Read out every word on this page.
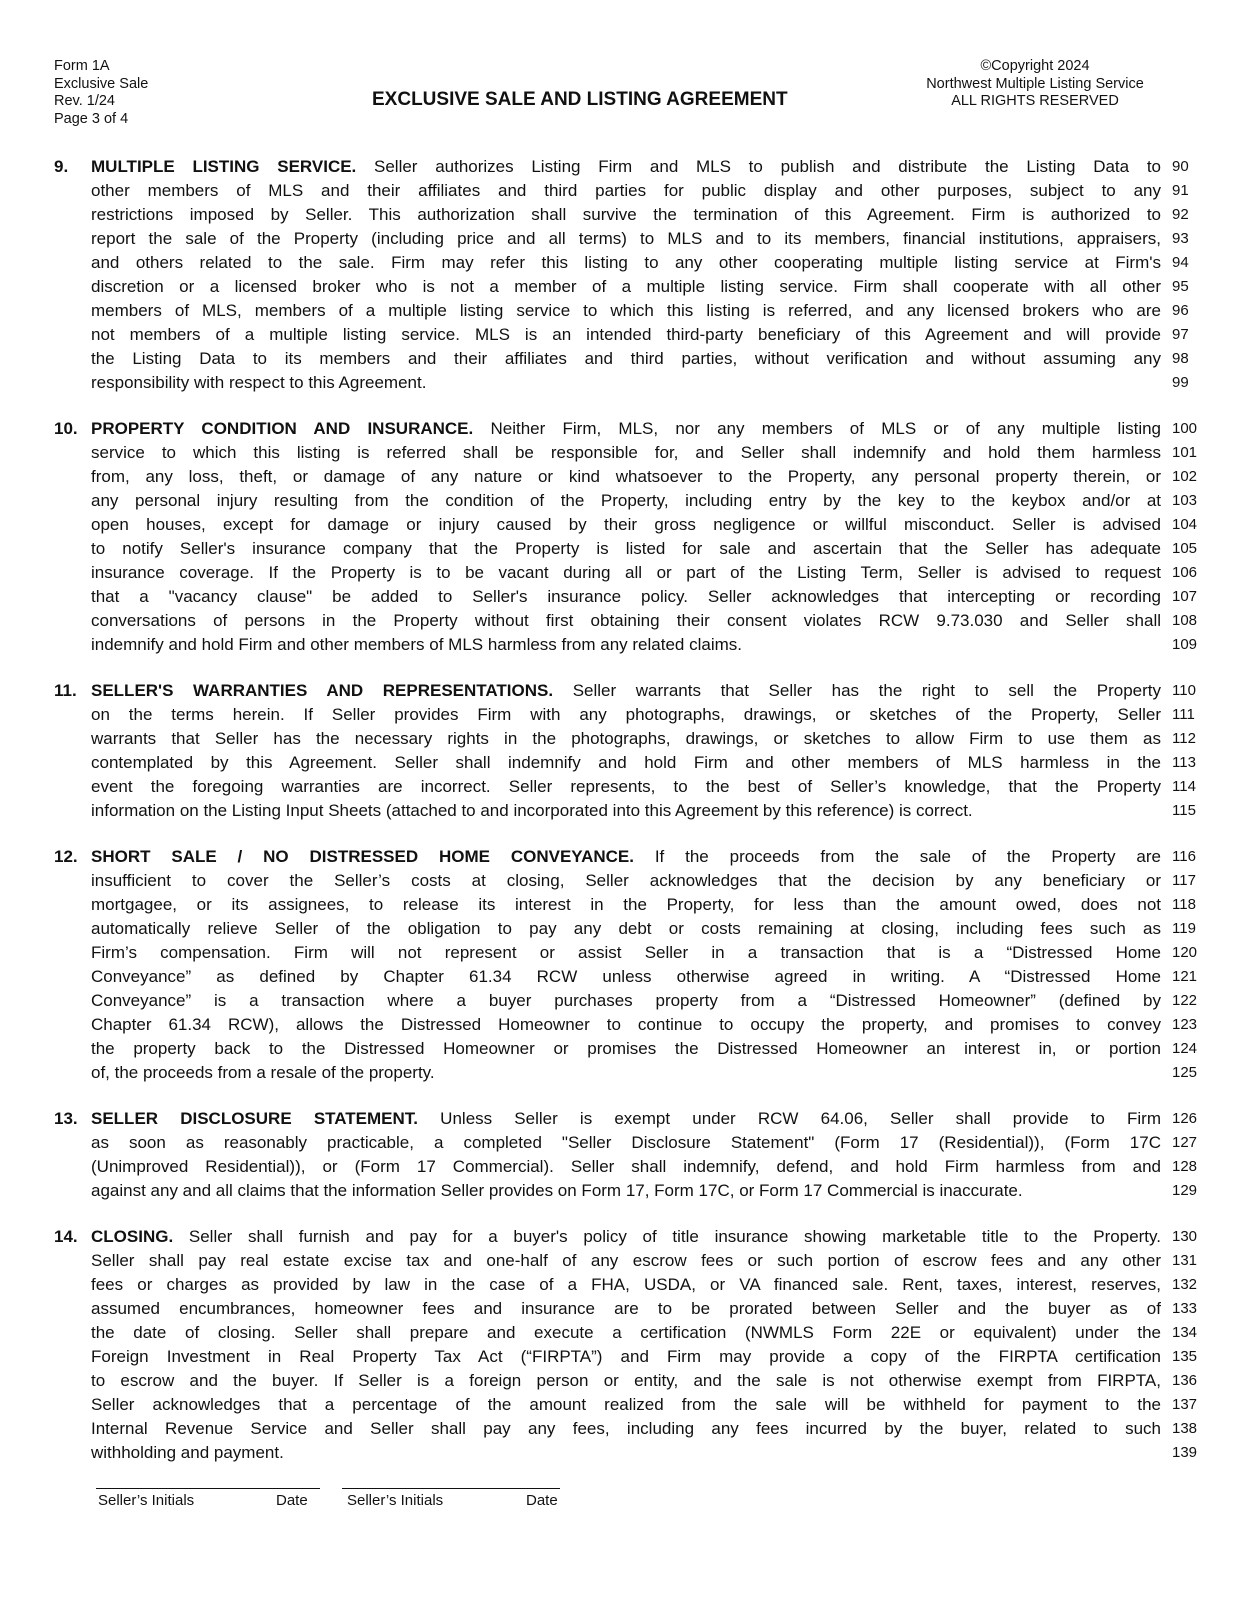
Form 1A
Exclusive Sale
Rev. 1/24
Page 3 of 4
EXCLUSIVE SALE AND LISTING AGREEMENT
©Copyright 2024
Northwest Multiple Listing Service
ALL RIGHTS RESERVED
9. MULTIPLE LISTING SERVICE. Seller authorizes Listing Firm and MLS to publish and distribute the Listing Data to 90
other members of MLS and their affiliates and third parties for public display and other purposes, subject to any 91
restrictions imposed by Seller. This authorization shall survive the termination of this Agreement. Firm is authorized to 92
report the sale of the Property (including price and all terms) to MLS and to its members, financial institutions, appraisers, 93
and others related to the sale. Firm may refer this listing to any other cooperating multiple listing service at Firm's 94
discretion or a licensed broker who is not a member of a multiple listing service. Firm shall cooperate with all other 95
members of MLS, members of a multiple listing service to which this listing is referred, and any licensed brokers who are 96
not members of a multiple listing service. MLS is an intended third-party beneficiary of this Agreement and will provide 97
the Listing Data to its members and their affiliates and third parties, without verification and without assuming any 98
responsibility with respect to this Agreement.	99
10. PROPERTY CONDITION AND INSURANCE. Neither Firm, MLS, nor any members of MLS or of any multiple listing 100
service to which this listing is referred shall be responsible for, and Seller shall indemnify and hold them harmless 101
from, any loss, theft, or damage of any nature or kind whatsoever to the Property, any personal property therein, or 102
any personal injury resulting from the condition of the Property, including entry by the key to the keybox and/or at 103
open houses, except for damage or injury caused by their gross negligence or willful misconduct. Seller is advised 104
to notify Seller's insurance company that the Property is listed for sale and ascertain that the Seller has adequate 105
insurance coverage. If the Property is to be vacant during all or part of the Listing Term, Seller is advised to request 106
that a "vacancy clause" be added to Seller's insurance policy. Seller acknowledges that intercepting or recording 107
conversations of persons in the Property without first obtaining their consent violates RCW 9.73.030 and Seller shall 108
indemnify and hold Firm and other members of MLS harmless from any related claims.	109
11. SELLER'S WARRANTIES AND REPRESENTATIONS. Seller warrants that Seller has the right to sell the Property 110
on the terms herein. If Seller provides Firm with any photographs, drawings, or sketches of the Property, Seller 111
warrants that Seller has the necessary rights in the photographs, drawings, or sketches to allow Firm to use them as 112
contemplated by this Agreement. Seller shall indemnify and hold Firm and other members of MLS harmless in the 113
event the foregoing warranties are incorrect. Seller represents, to the best of Seller’s knowledge, that the Property 114
information on the Listing Input Sheets (attached to and incorporated into this Agreement by this reference) is correct.	115
12. SHORT SALE / NO DISTRESSED HOME CONVEYANCE. If the proceeds from the sale of the Property are 116
insufficient to cover the Seller’s costs at closing, Seller acknowledges that the decision by any beneficiary or 117
mortgagee, or its assignees, to release its interest in the Property, for less than the amount owed, does not 118
automatically relieve Seller of the obligation to pay any debt or costs remaining at closing, including fees such as 119
Firm’s compensation. Firm will not represent or assist Seller in a transaction that is a “Distressed Home 120
Conveyance” as defined by Chapter 61.34 RCW unless otherwise agreed in writing. A “Distressed Home 121
Conveyance” is a transaction where a buyer purchases property from a “Distressed Homeowner” (defined by 122
Chapter 61.34 RCW), allows the Distressed Homeowner to continue to occupy the property, and promises to convey 123
the property back to the Distressed Homeowner or promises the Distressed Homeowner an interest in, or portion 124
of, the proceeds from a resale of the property.	125
13. SELLER DISCLOSURE STATEMENT. Unless Seller is exempt under RCW 64.06, Seller shall provide to Firm 126
as soon as reasonably practicable, a completed "Seller Disclosure Statement" (Form 17 (Residential)), (Form 17C 127
(Unimproved Residential)), or (Form 17 Commercial). Seller shall indemnify, defend, and hold Firm harmless from and 128
against any and all claims that the information Seller provides on Form 17, Form 17C, or Form 17 Commercial is inaccurate.	129
14. CLOSING. Seller shall furnish and pay for a buyer's policy of title insurance showing marketable title to the Property. 130
Seller shall pay real estate excise tax and one-half of any escrow fees or such portion of escrow fees and any other 131
fees or charges as provided by law in the case of a FHA, USDA, or VA financed sale. Rent, taxes, interest, reserves, 132
assumed encumbrances, homeowner fees and insurance are to be prorated between Seller and the buyer as of 133
the date of closing. Seller shall prepare and execute a certification (NWMLS Form 22E or equivalent) under the 134
Foreign Investment in Real Property Tax Act (“FIRPTA”) and Firm may provide a copy of the FIRPTA certification 135
to escrow and the buyer. If Seller is a foreign person or entity, and the sale is not otherwise exempt from FIRPTA, 136
Seller acknowledges that a percentage of the amount realized from the sale will be withheld for payment to the 137
Internal Revenue Service and Seller shall pay any fees, including any fees incurred by the buyer, related to such 138
withholding and payment.	139
Seller’s Initials	Date	Seller’s Initials	Date
